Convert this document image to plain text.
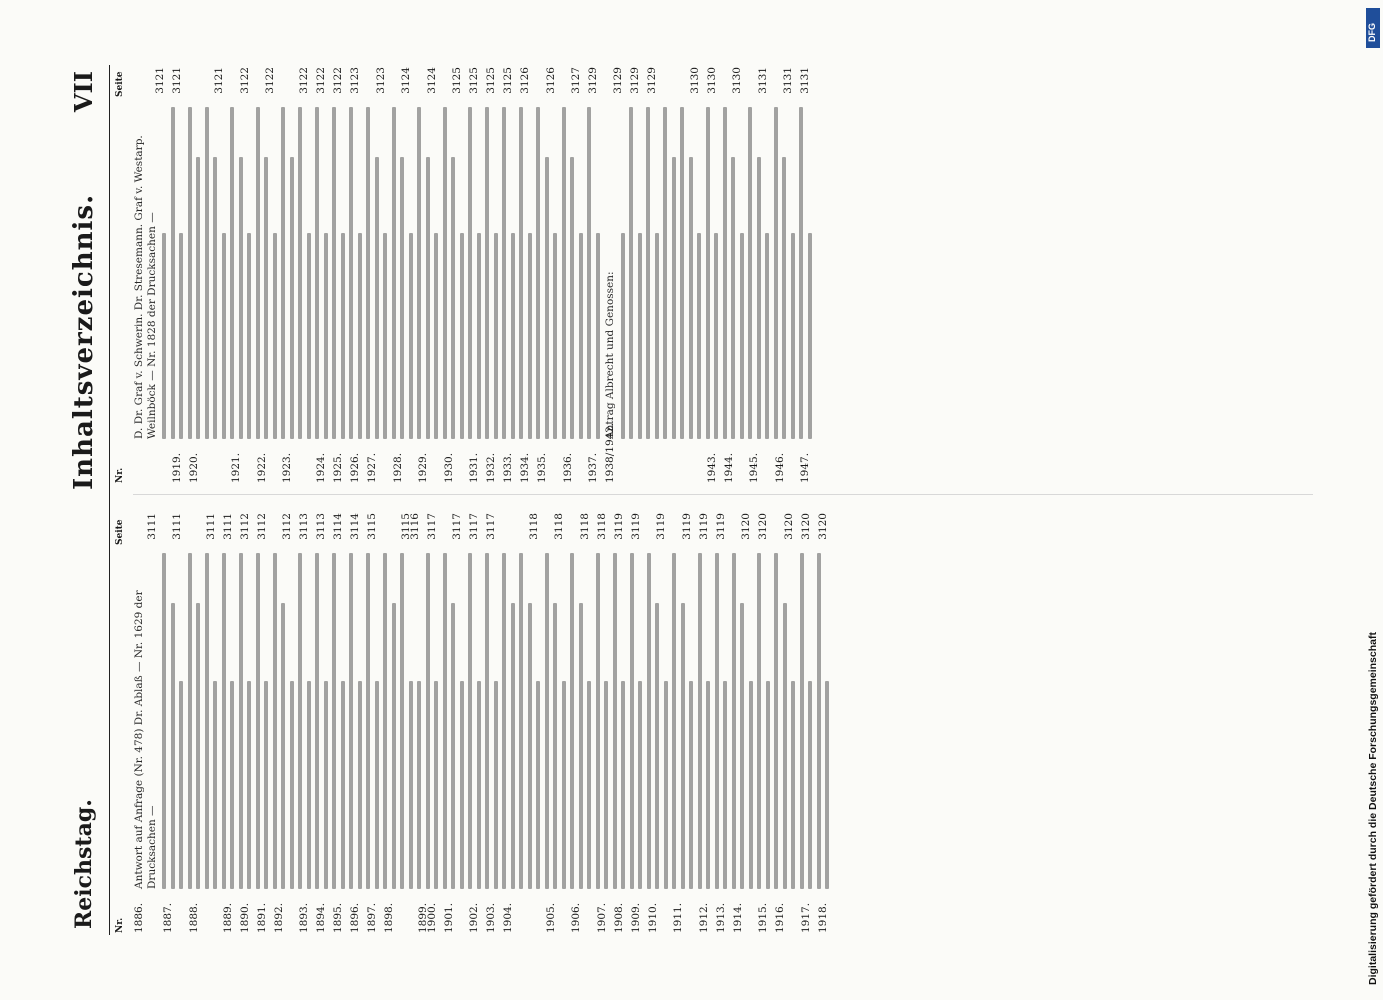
Reichstag.
Inhaltsverzeichnis.
VII
Nr.
Seite
Nr.
Seite
1886.
Antwort auf Anfrage (Nr. 478) Dr. Ablaß — Nr. 1629 der Drucksachen —
3111
1887.
3111
1888.
3111
1889.
3111
1890.
3112
1891.
3112
1892.
3112
1893.
3113
1894.
3113
1895.
3114
1896.
3114
1897.
3115
1898.
3115
1899.
3116
1900.
3117
1901.
3117
1902.
3117
1903.
3117
1904.
3118
1905.
3118
1906.
3118
1907.
3118
1908.
3119
1909.
3119
1910.
3119
1911.
3119
1912.
3119
1913.
3119
1914.
3120
1915.
3120
1916.
3120
1917.
3120
1918.
3120
D. Dr. Graf v. Schwerin. Dr. Stresemann. Graf v. Westarp. Weilnböck — Nr. 1828 der Drucksachen —
3121
1919.
3121
1920.
3121
1921.
3122
1922.
3122
1923.
3122
1924.
3122
1925.
3122
1926.
3123
1927.
3123
1928.
3124
1929.
3124
1930.
3125
1931.
3125
1932.
3125
1933.
3125
1934.
3126
1935.
3126
1936.
3127
1937.
3129
1938/1942.
Antrag Albrecht und Genossen:
3129 3129 3129	3130
1943.
3130
1944.
3130
1945.
3131
1946.
3131
1947.
3131
DFG
Digitalisierung gefördert durch die Deutsche Forschungsgemeinschaft
